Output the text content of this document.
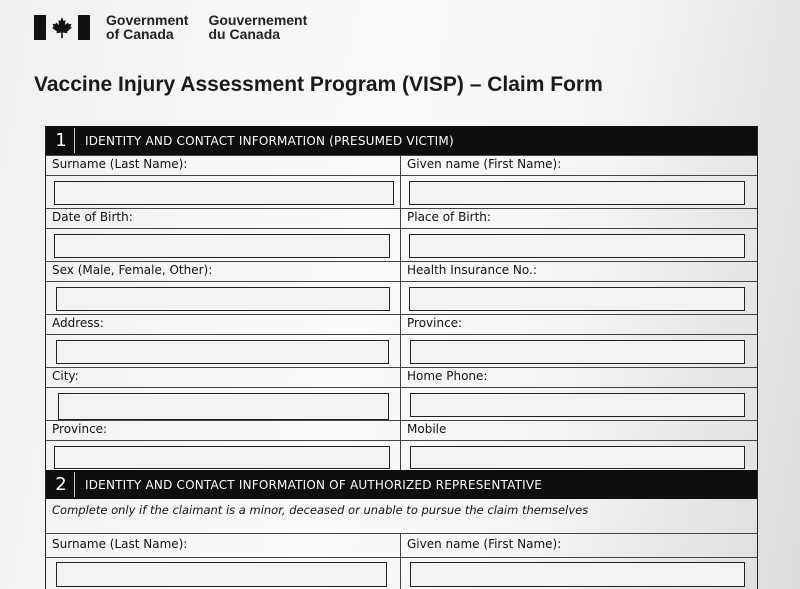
Government
of Canada
Gouvernement
du Canada
Vaccine Injury Assessment Program (VISP) – Claim Form
1	IDENTITY AND CONTACT INFORMATION (PRESUMED VICTIM)
Surname (Last Name):	Given name (First Name):
Date of Birth:	Place of Birth:
Sex (Male, Female, Other):	Health Insurance No.:
Address:	Province:
City:	Home Phone:
Province:	Mobile
2	IDENTITY AND CONTACT INFORMATION OF AUTHORIZED REPRESENTATIVE
Complete only if the claimant is a minor, deceased or unable to pursue the claim themselves
Surname (Last Name):	Given name (First Name):
